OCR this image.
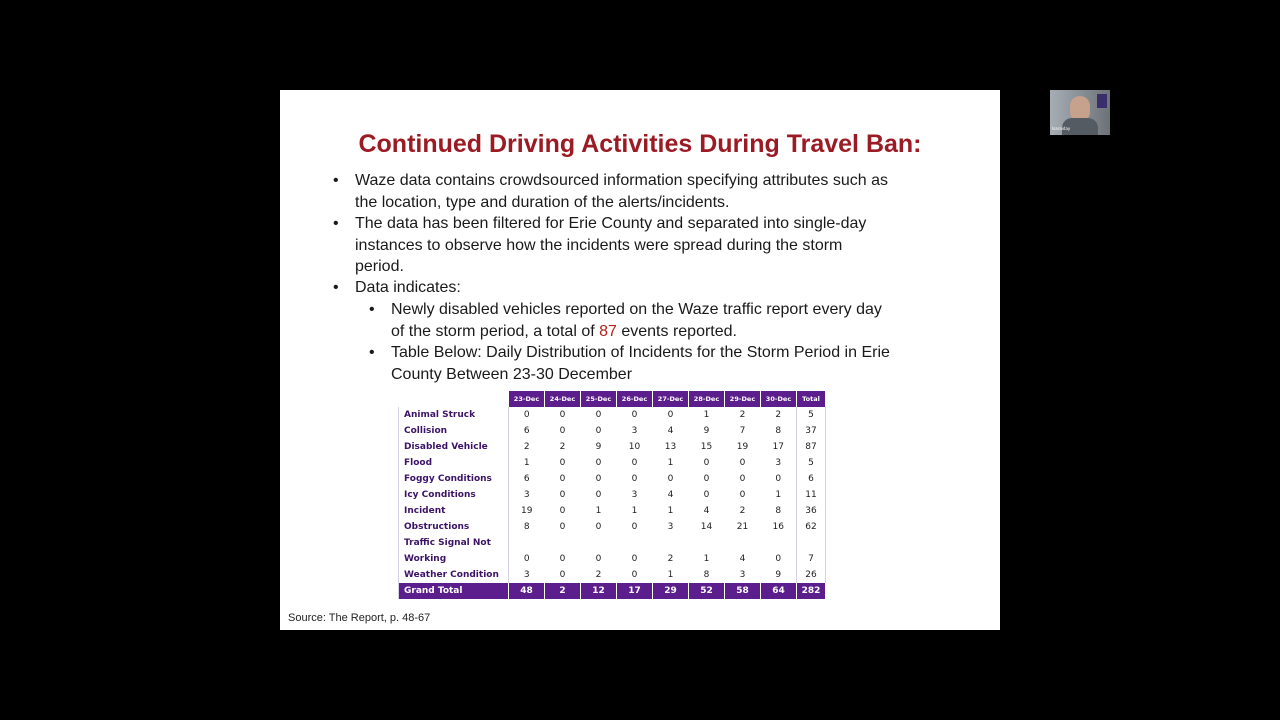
Continued Driving Activities During Travel Ban:
• Waze data contains crowdsourced information specifying attributes such as the location, type and duration of the alerts/incidents.
• The data has been filtered for Erie County and separated into single-day instances to observe how the incidents were spread during the storm period.
• Data indicates:
• Newly disabled vehicles reported on the Waze traffic report every day of the storm period, a total of 87 events reported.
• Table Below: Daily Distribution of Incidents for the Storm Period in Erie County Between 23-30 December
	23-Dec	24-Dec	25-Dec	26-Dec	27-Dec	28-Dec	29-Dec	30-Dec	Total
Animal Struck	0	0	0	0	0	1	2	2	5
Collision	6	0	0	3	4	9	7	8	37
Disabled Vehicle	2	2	9	10	13	15	19	17	87
Flood	1	0	0	0	1	0	0	3	5
Foggy Conditions	6	0	0	0	0	0	0	0	6
Icy Conditions	3	0	0	3	4	0	0	1	11
Incident	19	0	1	1	1	4	2	8	36
Obstructions	8	0	0	0	3	14	21	16	62
Traffic Signal Not									
Working	0	0	0	0	2	1	4	0	7
Weather Condition	3	0	2	0	1	8	3	9	26
Grand Total	48	2	12	17	29	52	58	64	282
Source: The Report, p. 48-67
Isaraiday
